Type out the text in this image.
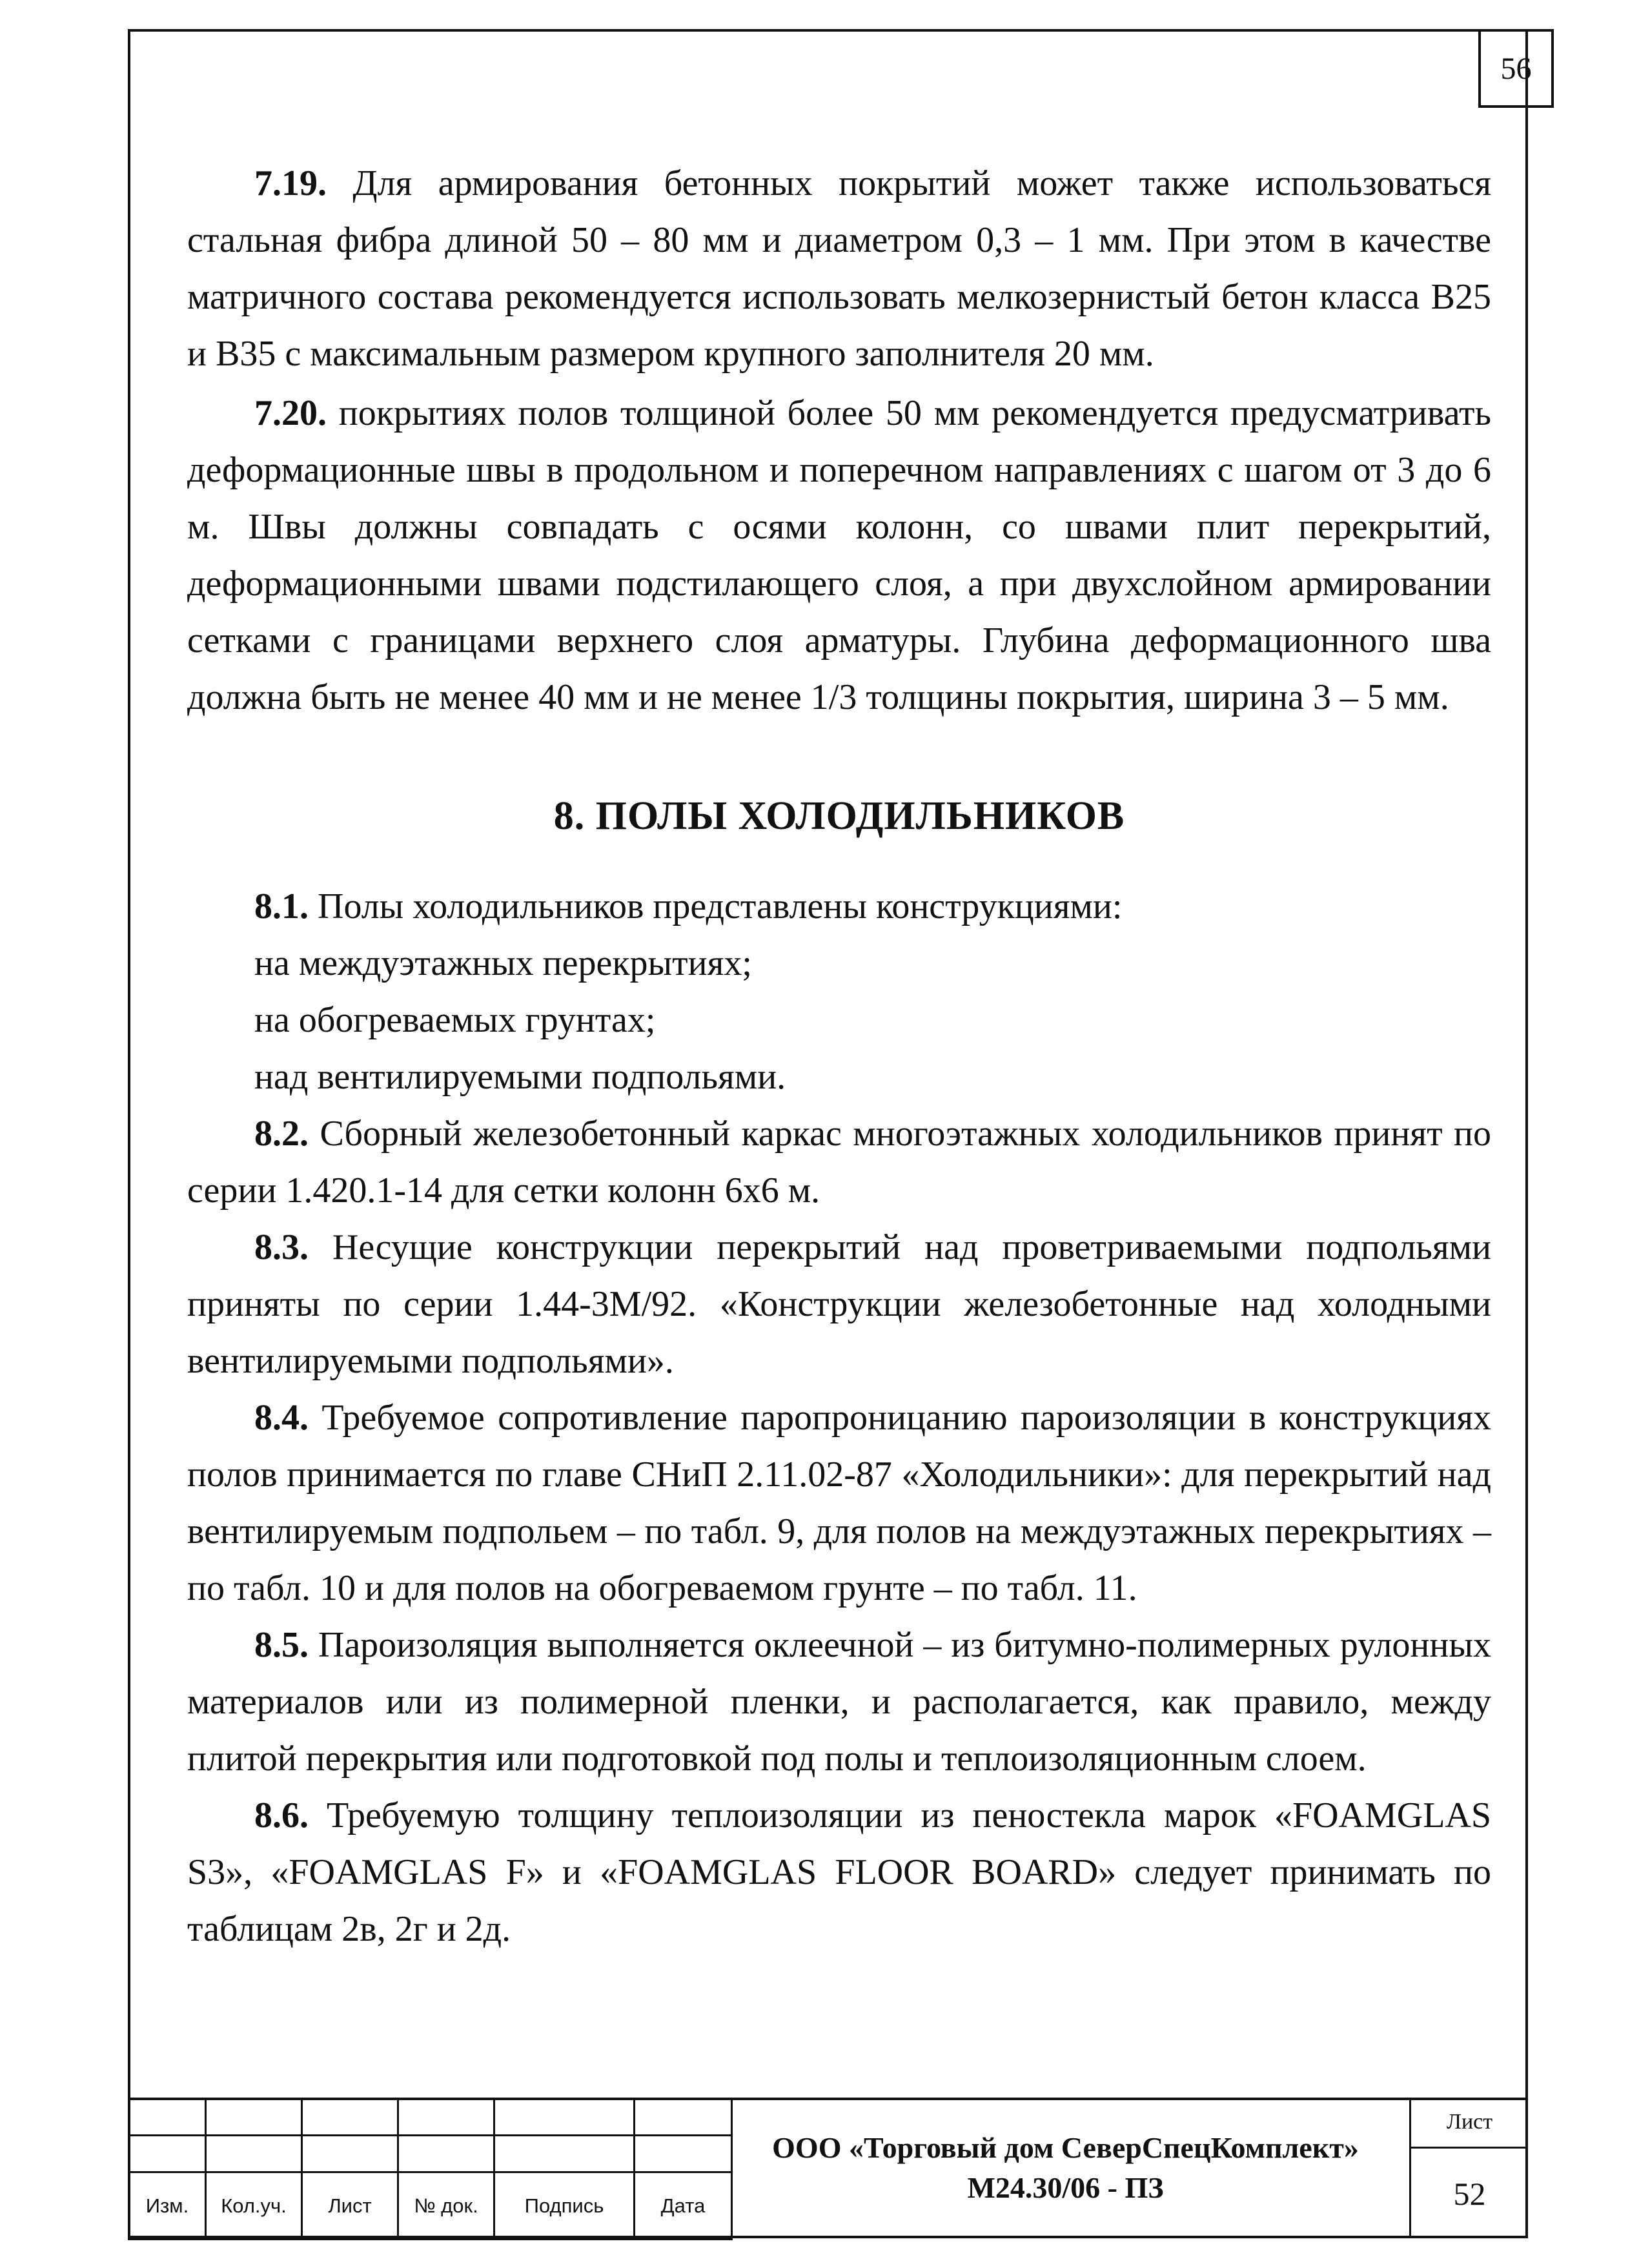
56

7.19. Для армирования бетонных покрытий может также использоваться стальная фибра длиной 50 – 80 мм и диаметром 0,3 – 1 мм. При этом в качестве матричного состава рекомендуется использовать мелкозернистый бетон класса В25 и В35 с максимальным размером крупного заполнителя 20 мм.

7.20. покрытиях полов толщиной более 50 мм рекомендуется предусматривать деформационные швы в продольном и поперечном направлениях с шагом от 3 до 6 м. Швы должны совпадать с осями колонн, со швами плит перекрытий, деформационными швами подстилающего слоя, а при двухслойном армировании сетками с границами верхнего слоя арматуры. Глубина деформационного шва должна быть не менее 40 мм и не менее 1/3 толщины покрытия, ширина 3 – 5 мм.

8. ПОЛЫ ХОЛОДИЛЬНИКОВ

8.1. Полы холодильников представлены конструкциями:

на междуэтажных перекрытиях;
на обогреваемых грунтах;
над вентилируемыми подпольями.

8.2. Сборный железобетонный каркас многоэтажных холодильников принят по серии 1.420.1-14 для сетки колонн 6х6 м.

8.3. Несущие конструкции перекрытий над проветриваемыми подпольями приняты по серии 1.44-3М/92. «Конструкции железобетонные над холодными вентилируемыми подпольями».

8.4. Требуемое сопротивление паропроницанию пароизоляции в конструкциях полов принимается по главе СНиП 2.11.02-87 «Холодильники»: для перекрытий над вентилируемым подпольем – по табл. 9, для полов на междуэтажных перекрытиях – по табл. 10 и для полов на обогреваемом грунте – по табл. 11.

8.5. Пароизоляция выполняется оклеечной – из битумно-полимерных рулонных материалов или из полимерной пленки, и располагается, как правило, между плитой перекрытия или подготовкой под полы и теплоизоляционным слоем.

8.6. Требуемую толщину теплоизоляции из пеностекла марок «FOAMGLAS S3», «FOAMGLAS F» и «FOAMGLAS FLOOR BOARD» следует принимать по таблицам 2в, 2г и 2д.

Изм.	Кол.уч.	Лист	№ док.	Подпись	Дата
ООО «Торговый дом СеверСпецКомплект»
М24.30/06 - ПЗ
Лист
52
